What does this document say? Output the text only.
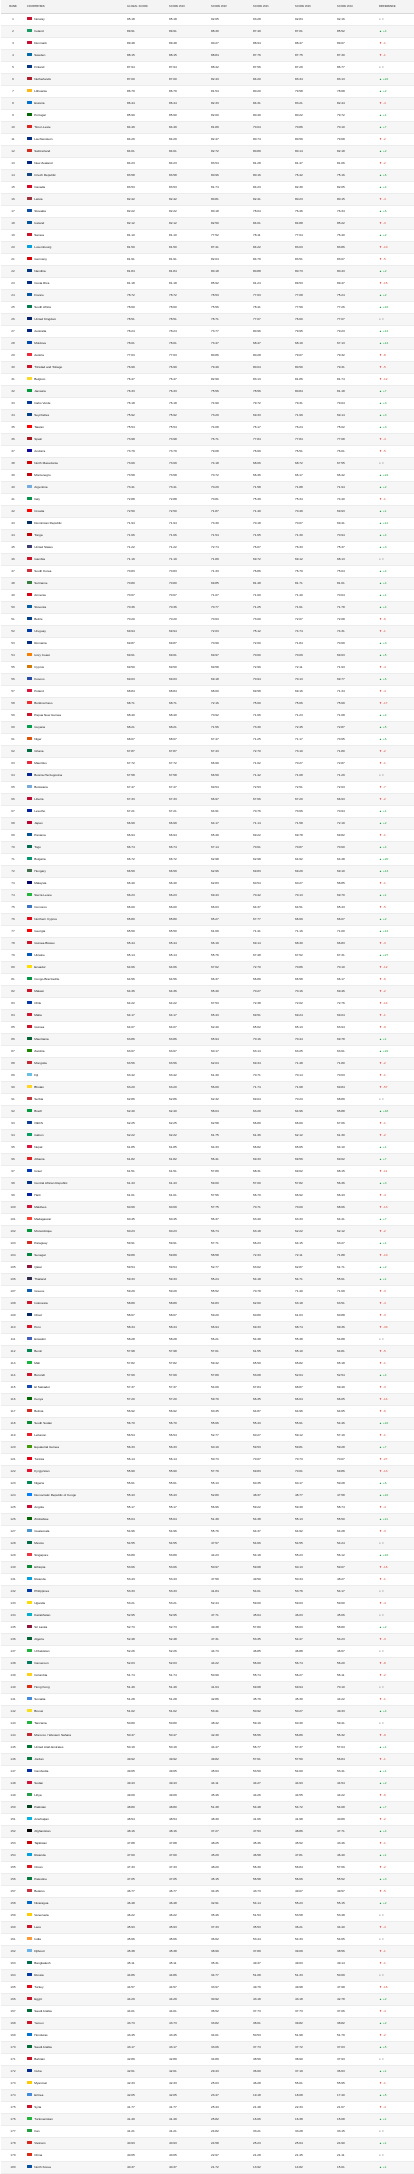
RANK	COUNTRY/IES	GLOBAL SCORE	SCORE 2023	SCORE 2022	SCORE 2021	SCORE 2020	SCORE 2019	DIFFERENCE
1	Norway	95.18	95.18	92.65	93.28	92.84	92.16	●0
2	Ireland	89.91	89.91	88.30	87.49	87.01	85.52	▲+4
3	Denmark	89.48	89.48	90.27	88.94	88.47	89.07	▼-1
4	Sweden	88.15	88.15	88.84	87.76	87.75	87.30	▼-1
5	Finland	87.94	87.94	88.42	87.56	87.29	86.77	●0
6	Netherlands	87.00	87.00	82.43	84.20	83.34	83.13	▲+22
7	Lithuania	86.79	86.79	81.54	80.20	79.58	78.68	▲+2
8	Estonia	86.44	86.44	82.33	84.31	83.21	82.44	▼-4
9	Portugal	85.90	85.90	82.00	80.49	80.22	79.72	▲+1
10	Timor-Leste	84.49	84.49	81.89	70.04	70.86	70.10	▲+7
11	Liechtenstein	84.29	84.29	82.47	80.74	80.59	79.68	▼-2
12	Switzerland	84.01	84.01	82.72	80.89	80.14	82.18	▲+2
13	New Zealand	84.23	84.23	83.54	81.28	81.47	81.06	▼-2
14	Czech Republic	83.58	83.58	80.96	80.16	76.42	75.16	▲+6
15	Canada	83.53	83.53	81.74	84.23	82.39	82.05	▲+4
16	Latvia	82.42	82.42	80.81	82.41	80.23	80.15	▼-4
17	Slovakia	82.22	82.22	80.18	78.04	76.46	76.34	▲+6
18	Iceland	82.12	82.12	82.50	84.01	84.88	85.22	▼-3
19	Samoa	81.10	81.10	77.52	78.11	77.04	76.40	▲+2
20	Luxembourg	81.50	81.50	87.41	84.22	83.03	83.86	▼-10
21	Germany	81.91	81.91	82.04	84.79	83.51	83.07	▼-5
22	Namibia	81.84	81.84	80.18	80.88	80.73	80.43	▲+2
23	Costa Rica	81.18	81.18	85.92	91.24	89.53	89.47	▼-15
24	France	78.72	78.72	78.53	77.63	77.08	75.24	▲+2
25	South Africa	78.60	78.60	75.56	78.41	77.59	77.26	▲+10
26	United Kingdom	78.51	78.51	78.71	77.07	76.60	77.07	●0
27	Australia	78.24	78.24	73.77	80.96	79.95	79.23	▲+12
28	Moldova	78.01	78.01	73.47	68.47	68.19	67.13	▲+12
29	Austria	77.63	77.63	80.86	80.28	79.07	79.32	▼-8
30	Trinidad and Tobago	76.99	76.99	79.49	80.04	80.50	79.31	▼-5
31	Belgium	76.47	76.47	82.99	83.13	81.86	81.74	▼-12
32	Jamaica	76.33	76.33	75.56	78.56	80.84	81.18	▲+7
33	Cabo Verde	76.18	76.18	74.90	79.72	79.31	79.04	▲+3
34	Seychelles	75.92	75.92	73.29	69.33	71.99	69.14	▲+3
35	Taiwan	75.54	75.54	74.08	76.17	76.24	75.02	▲+3
36	Spain	73.98	73.98	76.71	77.84	77.84	77.68	▼-4
37	Andorra	73.79	73.79	79.08	76.69	76.51	76.01	▼-5
38	North Macedonia	73.69	73.69	74.18	68.06	68.72	67.55	●0
39	Montenegro	73.58	73.58	70.72	66.36	66.17	66.42	▲+24
40	Argentina	73.41	73.41	70.29	71.58	71.88	71.94	▲+2
41	Italy	72.88	72.88	70.81	75.39	75.34	74.40	▼-1
42	Croatia	72.50	72.50	71.87	71.49	70.49	69.93	▲+1
43	Dominican Republic	71.94	71.94	73.30	70.18	70.07	69.41	▲+11
44	Tonga	71.66	71.66	71.54	71.65	71.30	70.94	▲+4
45	United States	71.22	71.22	72.74	76.07	76.33	75.37	▲+3
46	Gambia	71.19	71.19	71.89	69.72	69.12	68.13	●0
47	South Korea	70.83	70.83	71.33	76.86	76.70	75.04	▲+4
48	Suriname	70.80	70.80	69.85	81.48	81.71	81.01	▲+4
49	Armenia	70.67	70.67	71.07	71.60	71.40	70.64	▲+1
50	Slovenia	70.36	70.36	70.77	71.25	71.61	71.78	▲+4
51	Belize	70.20	70.20	70.63	73.00	72.07	72.08	▼-6
52	Uruguay	69.94	69.94	72.03	75.12	74.74	74.31	▼-1
53	Romania	69.87	69.87	70.99	72.00	71.84	70.69	▲+3
54	Ivory Coast	69.61	69.61	69.97	70.60	70.09	69.63	▲+5
55	Cyprus	69.50	69.50	69.58	72.99	72.11	71.93	▼-4
56	Kosovo	69.03	69.03	69.18	70.94	70.13	69.77	▲+6
57	Poland	68.84	68.84	68.00	69.58	69.16	71.34	▼-4
58	Burkina Faso	68.71	68.71	72.16	75.60	75.06	75.69	▼-17
59	Papua New Guinea	68.40	68.40	70.92	71.66	71.23	71.08	▲+4
60	Guyana	68.21	68.21	71.56	73.30	72.45	72.87	▲+5
61	Niger	68.07	68.07	67.47	71.25	71.17	70.95	▲+6
62	Ghana	67.87	67.87	67.43	72.70	73.10	71.80	▼-2
63	Mauritius	67.72	67.72	66.99	71.62	70.27	72.87	▼-1
64	Bosnia-Herzegovina	67.58	67.58	66.59	71.42	71.08	71.29	●0
65	Botswana	67.47	67.47	69.54	72.53	72.51	72.63	▼-7
66	Liberia	67.33	67.33	66.97	67.66	67.20	66.93	▼-2
67	Lesotho	67.21	67.21	64.91	70.76	70.66	70.94	▲+1
68	Japan	66.99	66.99	64.17	71.14	71.58	72.19	▲+2
69	Panama	66.94	66.94	65.49	69.22	69.78	69.82	▼-1
70	Togo	66.74	66.74	67.14	70.61	70.87	70.60	▲+4
71	Bulgaria	66.72	66.72	62.98	62.98	64.92	64.48	▲+20
72	Hungary	66.59	66.59	62.96	69.83	69.29	69.10	▲+13
73	Malaysia	66.40	66.40	62.83	60.54	60.27	58.85	▼-1
74	Sierra Leone	66.23	66.23	69.43	70.42	70.13	69.70	▲+1
75	Comoros	66.00	66.00	66.03	64.37	64.51	65.43	▼-5
76	Northern Cyprus	65.80	65.80	65.27	67.77	66.69	66.07	▲+2
77	Georgia	65.50	65.50	61.69	71.41	71.16	71.00	▲+12
78	Guinea-Bissau	65.44	65.44	66.19	69.14	68.30	66.83	▼-3
79	Ukraine	65.14	65.14	55.76	67.48	67.52	67.31	▲+27
80	Ecuador	64.66	64.66	67.62	72.70	70.86	70.10	▼-12
81	Congo-Brazzaville	64.56	64.56	66.37	66.89	66.58	66.17	▼-6
82	Malawi	64.36	64.36	65.40	70.27	70.16	69.46	▼-2
83	Chile	64.22	64.22	67.53	72.38	72.02	72.76	▼-14
84	Malta	64.17	64.17	65.43	69.51	69.24	69.04	▼-1
85	Guinea	64.07	64.07	62.40	65.62	65.13	63.94	▼-9
86	Mauritania	63.86	63.86	65.94	70.16	70.44	69.78	▲+1
87	Zambia	63.67	63.67	60.17	63.14	63.25	63.61	▲+22
88	Mongolia	63.56	63.56	62.04	69.34	71.48	71.80	▼-2
89	Fiji	63.42	63.42	61.30	70.71	70.14	70.63	▼-1
90	Bhutan	63.20	63.20	56.09	71.74	71.68	69.84	▼-57
91	Serbia	62.86	62.86	62.32	69.04	70.23	68.89	●0
92	Brazil	62.40	62.40	58.04	63.29	64.96	65.88	▲+18
93	OECS	62.25	62.25	62.58	66.80	66.60	67.06	▼-1
94	Gabon	62.22	62.22	61.75	61.36	62.12	61.30	▼-2
95	Nepal	61.85	61.85	64.33	66.82	65.65	64.10	▲+1
96	Albania	61.82	61.82	56.41	69.33	69.59	69.62	▲+7
97	Israel	61.51	61.51	57.89	68.31	69.62	68.15	▼-11
98	Central African Republic	61.43	61.43	59.00	57.00	57.82	56.36	▲+3
99	Haiti	61.01	61.01	57.56	66.70	66.92	66.43	▼-4
100	Maldives	60.69	60.69	57.75	70.71	70.00	68.66	▼-13
101	Madagascar	60.45	60.45	56.37	63.40	63.33	64.41	▲+7
102	Mozambique	60.23	60.23	56.74	63.18	62.22	62.12	▼-2
103	Paraguay	59.91	59.91	57.71	66.23	64.15	63.27	▲+1
104	Senegal	59.89	59.89	58.58	72.33	72.11	71.88	▼-10
105	Qatar	59.54	59.54	52.77	63.62	62.87	61.71	▲+2
106	Thailand	59.33	59.33	55.24	54.18	54.71	55.61	▲+1
107	Greece	59.29	59.29	55.52	70.78	71.40	71.69	▼-3
108	Indonesia	58.89	58.89	54.83	62.60	63.18	63.51	▼-4
109	Chad	58.67	58.67	59.20	60.80	61.03	60.88	▼-3
110	Peru	58.34	58.34	66.94	69.33	68.74	69.36	▼-33
111	Eswatini	58.28	58.28	56.21	54.38	55.38	54.88	●0
112	Benin	57.98	57.98	57.01	61.55	65.10	64.81	▼-5
113	Mali	57.82	57.82	59.42	65.50	65.82	65.18	▼-1
114	Burundi	57.69	57.69	57.89	53.08	52.64	52.54	▲+4
115	El Salvador	57.37	57.37	54.09	67.84	68.87	69.49	▼-3
116	Kenya	57.20	57.20	59.70	66.35	66.64	66.05	▼-14
117	Bolivia	56.92	56.92	60.35	64.87	64.96	64.65	▼-6
118	South Sudan	56.70	56.70	55.66	55.43	55.61	54.46	▲+10
119	Lebanon	56.54	56.54	52.77	60.27	59.12	57.19	▼-1
120	Equatorial Guinea	56.33	56.33	60.19	59.53	59.81	59.28	▲+7
121	Tunisia	56.14	56.14	50.73	70.07	70.73	70.07	▼-27
122	Kyrgyzstan	55.90	55.90	57.79	69.83	70.01	69.86	▼-13
123	Nigeria	55.61	55.61	55.13	60.35	60.17	59.28	▲+6
124	Democratic Republic of Congo	55.43	55.43	52.80	48.37	48.77	47.58	▲+10
125	Angola	55.17	55.17	56.96	59.22	59.30	58.74	▼-4
126	Zimbabwe	55.04	55.04	51.39	54.38	55.13	55.50	▲+11
127	Guatemala	54.96	54.96	55.76	64.37	64.92	64.28	▼-3
128	Mexico	54.55	54.55	47.57	54.66	54.55	54.24	●0
129	Singapore	53.89	53.89	44.23	54.18	55.23	56.12	▲+10
130	Ethiopia	53.66	53.66	50.97	59.68	60.13	59.07	▼-16
131	Rwanda	53.43	53.43	47.59	49.50	50.34	48.27	▼-1
132	Philippines	53.33	53.33	41.84	54.01	53.76	54.17	●0
133	Uganda	53.21	53.21	52.44	59.00	59.03	59.60	▼-4
134	Kazakhstan	52.95	52.95	47.71	45.64	46.03	45.06	●0
135	Sri Lanka	52.73	52.73	49.38	57.80	58.03	58.80	▲+2
136	Algeria	52.48	52.48	47.31	53.35	54.47	54.23	▼-3
137	Uzbekistan	52.26	52.26	44.73	46.85	46.88	46.67	●0
138	Cameroon	52.03	52.03	44.22	56.60	56.74	56.20	▼-8
139	Colombia	51.74	51.74	50.99	55.74	56.27	56.11	▼-2
140	Hong Kong	51.49	51.49	41.64	69.68	69.94	70.10	●0
141	Somalia	51.28	51.28	42.86	45.79	45.30	44.22	▼-1
142	Brunei	51.02	51.02	53.41	50.92	50.27	49.33	▲+4
143	Tanzania	50.80	50.80	48.42	59.19	60.30	59.41	●0
144	Morocco / Western Sahara	50.47	50.47	42.30	56.56	56.86	56.32	▼-9
145	United Arab Emirates	50.19	50.19	44.47	56.77	57.37	57.04	▲+1
146	Jordan	49.92	49.92	49.82	57.61	57.50	56.84	▼-1
147	Cambodia	49.65	49.65	45.63	53.50	54.00	53.41	▲+1
148	Sudan	49.43	49.43	44.11	44.27	44.93	44.54	▲+2
149	Libya	49.09	49.09	45.46	44.26	44.55	44.22	▼-6
150	Pakistan	48.80	48.80	51.38	54.48	54.72	54.08	▲+7
151	Azerbaijan	48.54	48.54	48.30	41.66	41.98	40.89	▼-2
152	Afghanistan	48.16	48.16	37.27	47.53	48.86	47.71	▲+4
153	Tajikistan	47.88	47.88	48.25	45.36	45.52	43.46	▼-1
154	Rwanda	47.60	47.60	45.29	46.58	47.81	46.40	▲+1
155	Oman	47.33	47.33	48.20	56.30	56.84	57.66	▼-2
156	Palestine	47.05	47.05	45.15	56.58	56.66	55.52	▲+3
157	Belarus	46.77	46.77	34.45	43.73	49.07	49.57	▼-5
158	Nicaragua	46.48	46.48	32.91	54.14	55.23	55.15	▲+2
159	Venezuela	46.22	46.22	35.46	51.53	53.58	53.48	●0
160	Laos	45.93	45.93	37.33	35.53	36.21	34.40	▼-4
161	India	45.66	45.66	36.62	53.44	54.33	54.65	●0
162	Djibouti	45.38	45.38	38.99	37.89	39.09	38.56	▼-1
163	Bangladesh	45.11	45.11	35.31	49.37	49.63	49.14	▼-1
164	Russia	44.86	44.86	34.77	51.08	51.33	50.69	●0
165	Turkey	44.57	44.57	33.97	49.79	49.98	47.98	▼-16
166	Egypt	44.29	44.29	30.92	43.18	43.18	42.78	▲+2
167	Saudi Arabia	44.01	44.01	36.52	37.73	37.73	37.06	▼-4
168	Yemen	43.73	43.73	33.82	38.01	39.82	38.82	▲+2
169	Honduras	43.45	43.45	34.01	50.53	51.98	51.79	▼-2
170	Saudi Arabia	43.17	43.17	33.06	37.73	37.72	37.03	▲+5
171	Bahrain	42.89	42.89	34.89	38.59	38.90	37.93	●0
172	Cuba	42.61	42.61	29.43	36.60	37.19	36.63	▲+1
173	Myanmar	42.33	42.33	25.03	46.28	55.01	55.95	▼-1
174	Eritrea	42.05	42.05	23.47	19.18	18.08	17.40	▲+5
175	Syria	41.77	41.77	25.43	21.48	22.33	21.67	▼-4
176	Turkmenistan	41.49	41.49	25.82	16.06	16.38	15.08	▲+1
177	Iran	41.21	41.21	24.82	33.21	33.28	33.15	●0
178	Vietnam	40.93	40.93	24.58	25.23	25.64	24.90	▲+1
179	China	40.65	40.65	22.97	21.28	21.45	21.11	●0
180	North Korea	40.37	40.37	21.72	13.92	14.82	15.01	▲+1
